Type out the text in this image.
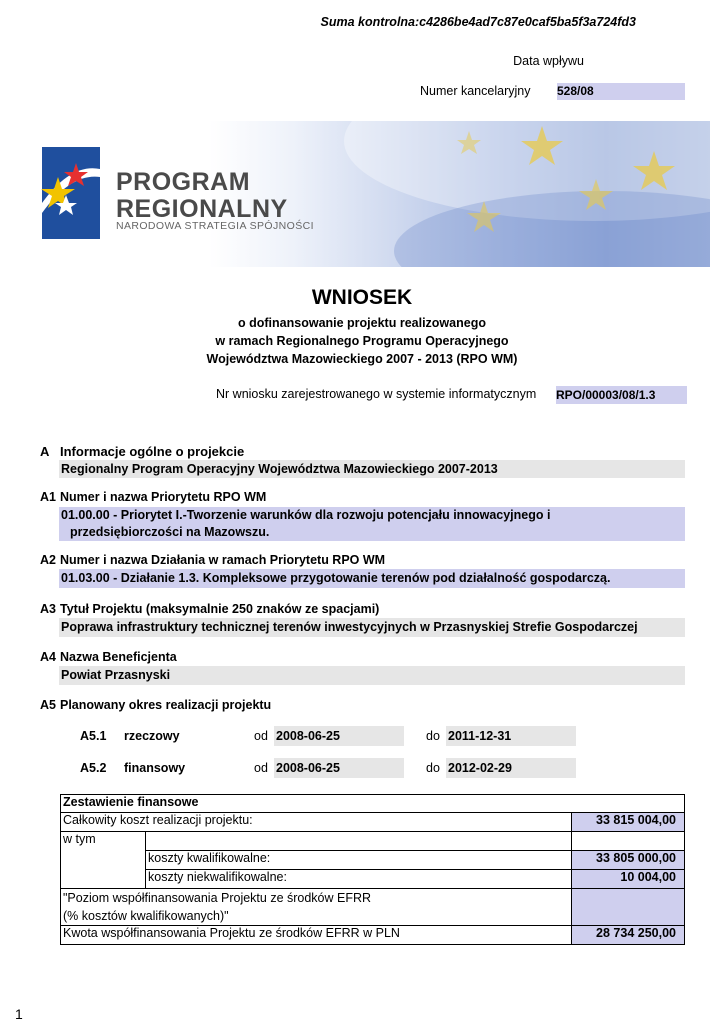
Suma kontrolna:c4286be4ad7c87e0caf5ba5f3a724fd3
Data wpływu
Numer kancelaryjny 528/08
PROGRAM
REGIONALNY
NARODOWA STRATEGIA SPÓJNOŚCI
WNIOSEK
o dofinansowanie projektu realizowanego
w ramach Regionalnego Programu Operacyjnego
Województwa Mazowieckiego 2007 - 2013 (RPO WM)
Nr wniosku zarejestrowanego w systemie informatycznym RPO/00003/08/1.3
A Informacje ogólne o projekcie
Regionalny Program Operacyjny Województwa Mazowieckiego 2007-2013
A1 Numer i nazwa Priorytetu RPO WM
01.00.00 - Priorytet I.-Tworzenie warunków dla rozwoju potencjału innowacyjnego i
przedsiębiorczości na Mazowszu.
A2 Numer i nazwa Działania w ramach Priorytetu RPO WM
01.03.00 - Działanie 1.3. Kompleksowe przygotowanie terenów pod działalność gospodarczą.
A3 Tytuł Projektu (maksymalnie 250 znaków ze spacjami)
Poprawa infrastruktury technicznej terenów inwestycyjnych w Przasnyskiej Strefie Gospodarczej
A4 Nazwa Beneficjenta
Powiat Przasnyski
A5 Planowany okres realizacji projektu
A5.1 rzeczowy	od 2008-06-25	do 2011-12-31
A5.2 finansowy	od 2008-06-25	do 2012-02-29
Zestawienie finansowe		
Całkowity koszt realizacji projektu:		33 815 004,00
w tym		
	koszty kwalifikowalne:	33 805 000,00
	koszty niekwalifikowalne:	10 004,00

"Poziom współfinansowania Projektu ze środków EFRR
(% kosztów kwalifikowanych)"		

Kwota współfinansowania Projektu ze środków EFRR w PLN		28 734 250,00
1
